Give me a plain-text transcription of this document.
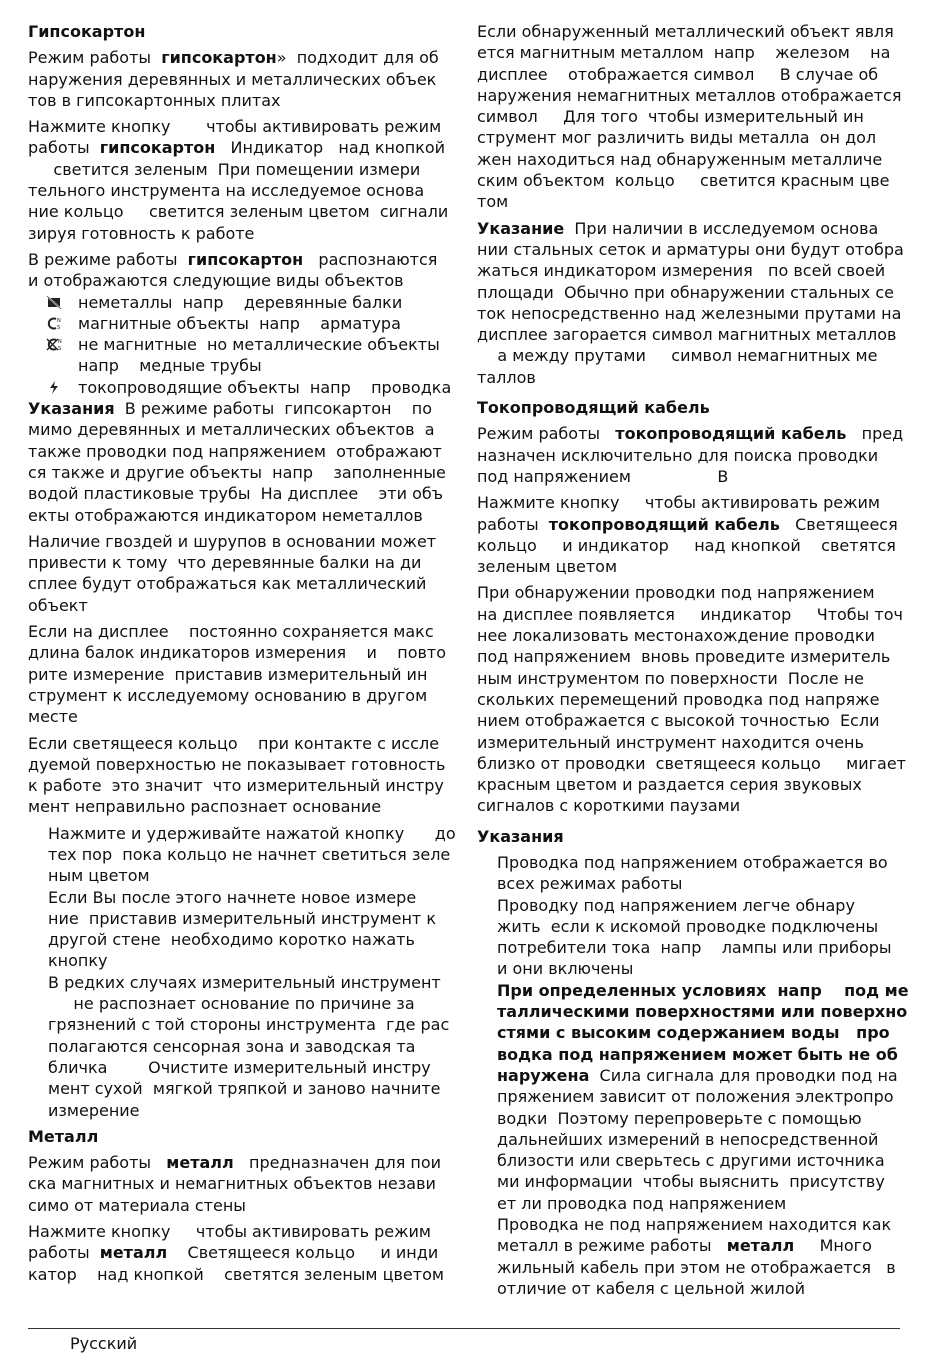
Гипсокартон
Режим работы  гипсокартон»  подходит для об
наружения деревянных и металлических объек
тов в гипсокартонных плитах
Нажмите кнопку       чтобы активировать режим
работы  гипсокартон   Индикатор   над кнопкой
светится зеленым  При помещении измери
тельного инструмента на исследуемое основа
ние кольцо     светится зеленым цветом  сигнали
зируя готовность к работе
В режиме работы  гипсокартон   распознаются
и отображаются следующие виды объектов
неметаллы  напр    деревянные балки
N
S магнитные объекты  напр    арматура
N
S не магнитные  но металлические объекты
напр    медные трубы
токопроводящие объекты  напр    проводка
Указания  В режиме работы  гипсокартон    по
мимо деревянных и металлических объектов  а
также проводки под напряжением  отображают
ся также и другие объекты  напр    заполненные
водой пластиковые трубы  На дисплее    эти объ
екты отображаются индикатором неметаллов
Наличие гвоздей и шурупов в основании может
привести к тому  что деревянные балки на ди
сплее будут отображаться как металлический
объект
Если на дисплее    постоянно сохраняется макс
длина балок индикаторов измерения    и    повто
рите измерение  приставив измерительный ин
струмент к исследуемому основанию в другом
месте
Если светящееся кольцо    при контакте с иссле
дуемой поверхностью не показывает готовность
к работе  это значит  что измерительный инстру
мент неправильно распознает основание
Нажмите и удерживайте нажатой кнопку      до
тех пор  пока кольцо не начнет светиться зеле
ным цветом
Если Вы после этого начнете новое измере
ние  приставив измерительный инструмент к
другой стене  необходимо коротко нажать
кнопку
В редких случаях измерительный инструмент
не распознает основание по причине за
грязнений с той стороны инструмента  где рас
полагаются сенсорная зона и заводская та
бличка        Очистите измерительный инстру
мент сухой  мягкой тряпкой и заново начните
измерение
Металл
Режим работы   металл   предназначен для пои
ска магнитных и немагнитных объектов незави
симо от материала стены
Нажмите кнопку     чтобы активировать режим
работы  металл    Светящееся кольцо     и инди
катор    над кнопкой    светятся зеленым цветом
Если обнаруженный металлический объект явля
ется магнитным металлом  напр    железом    на
дисплее    отображается символ     В случае об
наружения немагнитных металлов отображается
символ     Для того  чтобы измерительный ин
струмент мог различить виды металла  он дол
жен находиться над обнаруженным металличе
ским объектом  кольцо     светится красным цве
том
Указание  При наличии в исследуемом основа
нии стальных сеток и арматуры они будут отобра
жаться индикатором измерения   по всей своей
площади  Обычно при обнаружении стальных се
ток непосредственно над железными прутами на
дисплее загорается символ магнитных металлов
а между прутами     символ немагнитных ме
таллов
Токопроводящий кабель
Режим работы   токопроводящий кабель   пред
назначен исключительно для поиска проводки
под напряжением                 В
Нажмите кнопку     чтобы активировать режим
работы  токопроводящий кабель   Светящееся
кольцо     и индикатор     над кнопкой    светятся
зеленым цветом
При обнаружении проводки под напряжением
на дисплее появляется     индикатор     Чтобы точ
нее локализовать местонахождение проводки
под напряжением  вновь проведите измеритель
ным инструментом по поверхности  После не
скольких перемещений проводка под напряже
нием отображается с высокой точностью  Если
измерительный инструмент находится очень
близко от проводки  светящееся кольцо     мигает
красным цветом и раздается серия звуковых
сигналов с короткими паузами
Указания
Проводка под напряжением отображается во
всех режимах работы
Проводку под напряжением легче обнару
жить  если к искомой проводке подключены
потребители тока  напр    лампы или приборы
и они включены
При определенных условиях  напр    под ме
таллическими поверхностями или поверхно
стями с высоким содержанием воды   про
водка под напряжением может быть не об
наружена  Сила сигнала для проводки под на
пряжением зависит от положения электропро
водки  Поэтому перепроверьте с помощью
дальнейших измерений в непосредственной
близости или сверьтесь с другими источника
ми информации  чтобы выяснить  присутству
ет ли проводка под напряжением
Проводка не под напряжением находится как
металл в режиме работы   металл     Много
жильный кабель при этом не отображается   в
отличие от кабеля с цельной жилой
Русский
